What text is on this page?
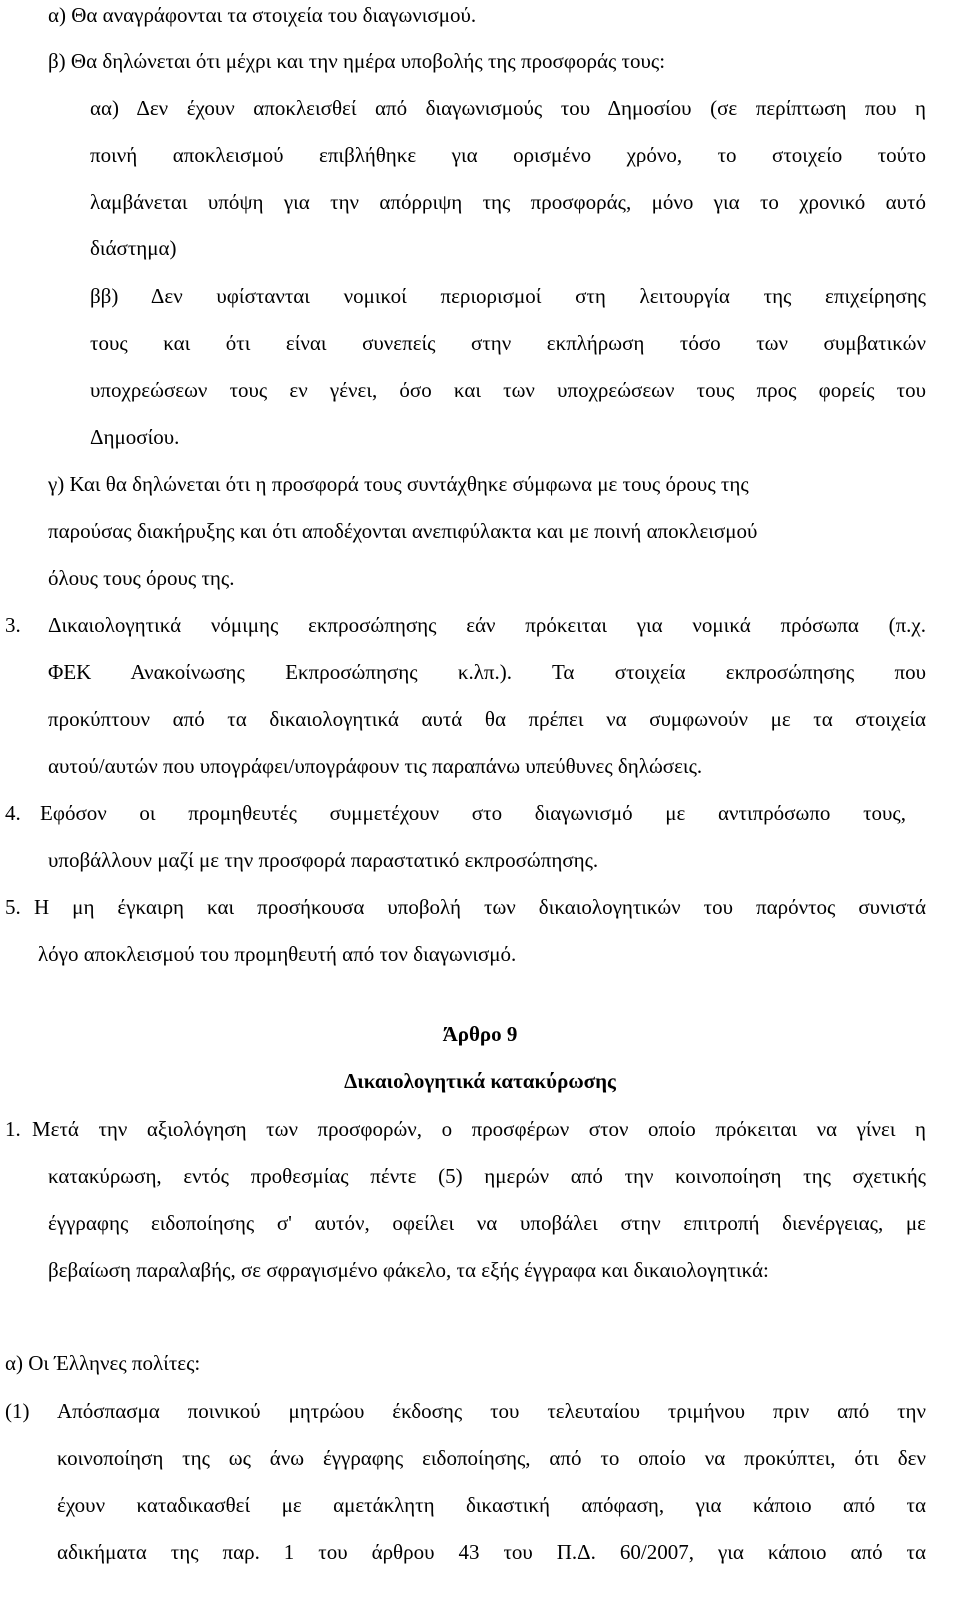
α) Θα αναγράφονται τα στοιχεία του διαγωνισμού.
β) Θα δηλώνεται ότι μέχρι και την ημέρα υποβολής της προσφοράς τους:
αα) Δεν έχουν αποκλεισθεί από διαγωνισμούς του Δημοσίου (σε περίπτωση που η
ποινή αποκλεισμού επιβλήθηκε για ορισμένο χρόνο, το στοιχείο τούτο
λαμβάνεται υπόψη για την απόρριψη της προσφοράς, μόνο για το χρονικό αυτό
διάστημα)
ββ) Δεν υφίστανται νομικοί περιορισμοί στη λειτουργία της επιχείρησης
τους και ότι είναι συνεπείς στην εκπλήρωση τόσο των συμβατικών
υποχρεώσεων τους εν γένει, όσο και των υποχρεώσεων τους προς φορείς του
Δημοσίου.
γ) Και θα δηλώνεται ότι η προσφορά τους συντάχθηκε σύμφωνα με τους όρους της
παρούσας διακήρυξης και ότι αποδέχονται ανεπιφύλακτα και με ποινή αποκλεισμού
όλους τους όρους της.
3. Δικαιολογητικά νόμιμης εκπροσώπησης εάν πρόκειται για νομικά πρόσωπα (π.χ.
ΦΕΚ Ανακοίνωσης Εκπροσώπησης κ.λπ.). Τα στοιχεία εκπροσώπησης που
προκύπτουν από τα δικαιολογητικά αυτά θα πρέπει να συμφωνούν με τα στοιχεία
αυτού/αυτών που υπογράφει/υπογράφουν τις παραπάνω υπεύθυνες δηλώσεις.
4. Εφόσον οι προμηθευτές συμμετέχουν στο διαγωνισμό με αντιπρόσωπο τους,
υποβάλλουν μαζί με την προσφορά παραστατικό εκπροσώπησης.
5. Η μη έγκαιρη και προσήκουσα υποβολή των δικαιολογητικών του παρόντος συνιστά
λόγο αποκλεισμού του προμηθευτή από τον διαγωνισμό.
Άρθρο 9
Δικαιολογητικά κατακύρωσης
1. Μετά την αξιολόγηση των προσφορών, ο προσφέρων στον οποίο πρόκειται να γίνει η
κατακύρωση, εντός προθεσμίας πέντε (5) ημερών από την κοινοποίηση της σχετικής
έγγραφης ειδοποίησης σ' αυτόν, οφείλει να υποβάλει στην επιτροπή διενέργειας, με
βεβαίωση παραλαβής, σε σφραγισμένο φάκελο, τα εξής έγγραφα και δικαιολογητικά:
α) Οι Έλληνες πολίτες:
(1) Απόσπασμα ποινικού μητρώου έκδοσης του τελευταίου τριμήνου πριν από την
κοινοποίηση της ως άνω έγγραφης ειδοποίησης, από το οποίο να προκύπτει, ότι δεν
έχουν καταδικασθεί με αμετάκλητη δικαστική απόφαση, για κάποιο από τα
αδικήματα της παρ. 1 του άρθρου 43 του Π.Δ. 60/2007, για κάποιο από τα
